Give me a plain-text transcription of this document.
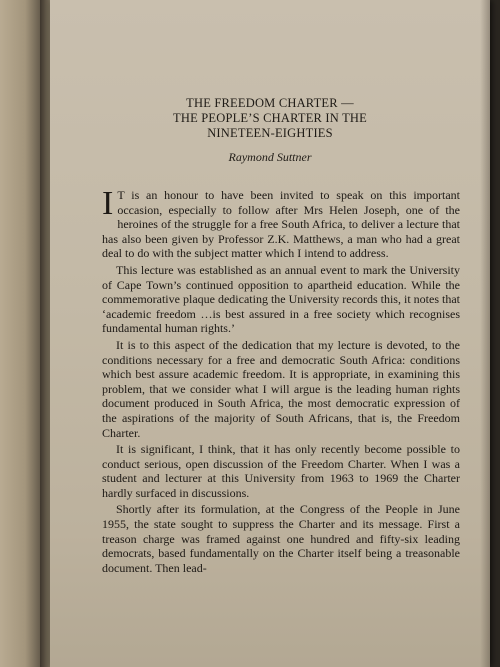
THE FREEDOM CHARTER —
THE PEOPLE’S CHARTER IN THE
NINETEEN-EIGHTIES

Raymond Suttner

I T is an honour to have been invited to speak on this important occasion, especially to follow after Mrs Helen Joseph, one of the heroines of the struggle for a free South Africa, to deliver a lecture that has also been given by Professor Z.K. Matthews, a man who had a great deal to do with the subject matter which I intend to address.

This lecture was established as an annual event to mark the University of Cape Town’s continued opposition to apartheid education. While the commemorative plaque dedicating the University records this, it notes that ‘academic freedom …is best assured in a free society which recognises fundamental human rights.’

It is to this aspect of the dedication that my lecture is devoted, to the conditions necessary for a free and democratic South Africa: conditions which best assure academic freedom. It is appropriate, in examining this problem, that we consider what I will argue is the leading human rights document produced in South Africa, the most democratic expression of the aspirations of the majority of South Africans, that is, the Freedom Charter.

It is significant, I think, that it has only recently become possible to conduct serious, open discussion of the Freedom Charter. When I was a student and lecturer at this University from 1963 to 1969 the Charter hardly surfaced in discussions.

Shortly after its formulation, at the Congress of the People in June 1955, the state sought to suppress the Charter and its message. First a treason charge was framed against one hundred and fifty-six leading democrats, based fundamentally on the Charter itself being a treasonable document. Then lead-
